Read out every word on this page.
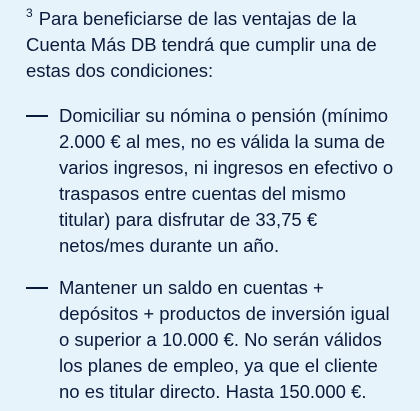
$^3$ Para beneficiarse de las ventajas de la Cuenta Más DB tendrá que cumplir una de estas dos condiciones:
Domiciliar su nómina o pensión (mínimo 2.000 € al mes, no es válida la suma de varios ingresos, ni ingresos en efectivo o traspasos entre cuentas del mismo titular) para disfrutar de 33,75 € netos/mes durante un año.
Mantener un saldo en cuentas + depósitos + productos de inversión igual o superior a 10.000 €. No serán válidos los planes de empleo, ya que el cliente no es titular directo. Hasta 150.000 €.
